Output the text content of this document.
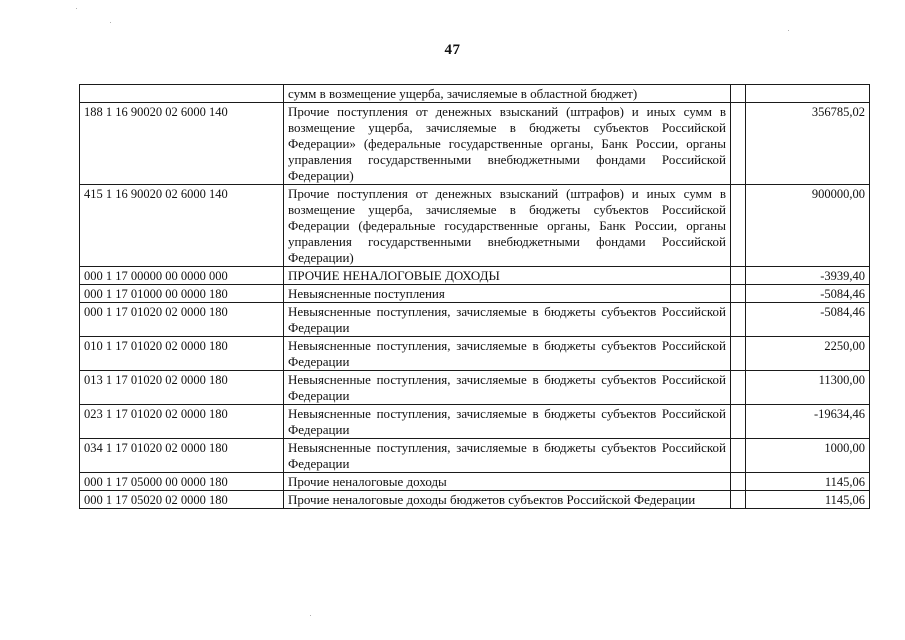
47
	сумм в возмещение ущерба, зачисляемые в областной бюджет)		
188 1 16 90020 02 6000 140	Прочие поступления от денежных взысканий (штрафов) и иных сумм в возмещение ущерба, зачисляемые в бюджеты субъектов Российской Федерации» (федеральные государственные органы, Банк России, органы управления государственными внебюджетными фондами Российской Федерации)		356785,02
415 1 16 90020 02 6000 140	Прочие поступления от денежных взысканий (штрафов) и иных сумм в возмещение ущерба, зачисляемые в бюджеты субъектов Российской Федерации (федеральные государственные органы, Банк России, органы управления государственными внебюджетными фондами Российской Федерации)		900000,00
000 1 17 00000 00 0000 000	ПРОЧИЕ НЕНАЛОГОВЫЕ ДОХОДЫ		-3939,40
000 1 17 01000 00 0000 180	Невыясненные поступления		-5084,46
000 1 17 01020 02 0000 180	Невыясненные поступления, зачисляемые в бюджеты субъектов Российской Федерации		-5084,46
010 1 17 01020 02 0000 180	Невыясненные поступления, зачисляемые в бюджеты субъектов Российской Федерации		2250,00
013 1 17 01020 02 0000 180	Невыясненные поступления, зачисляемые в бюджеты субъектов Российской Федерации		11300,00
023 1 17 01020 02 0000 180	Невыясненные поступления, зачисляемые в бюджеты субъектов Российской Федерации		-19634,46
034 1 17 01020 02 0000 180	Невыясненные поступления, зачисляемые в бюджеты субъектов Российской Федерации		1000,00
000 1 17 05000 00 0000 180	Прочие неналоговые доходы		1145,06
000 1 17 05020 02 0000 180	Прочие неналоговые доходы бюджетов субъектов Российской Федерации		1145,06
